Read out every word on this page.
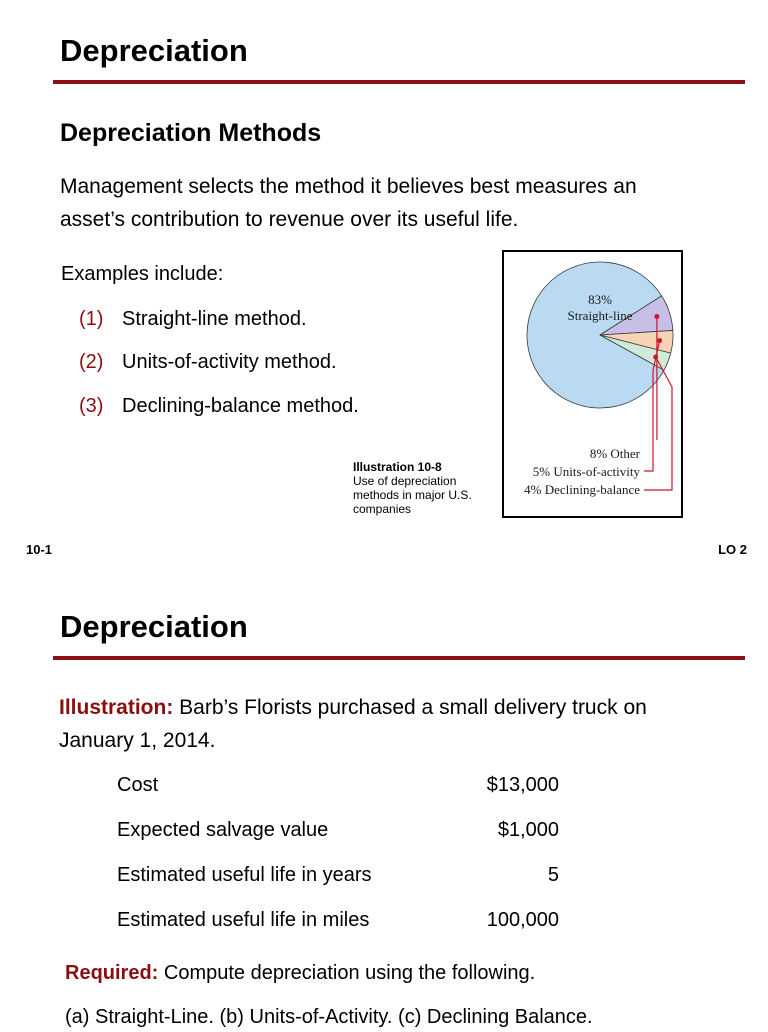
Depreciation
Depreciation Methods
Management selects the method it believes best measures an
asset’s contribution to revenue over its useful life.
Examples include:
(1) Straight-line method.
(2) Units-of-activity method.
(3) Declining-balance method.
Illustration 10-8
Use of depreciation
methods in major U.S.
companies
83%
Straight-line
8% Other
5% Units-of-activity
4% Declining-balance
10-1	LO 2
Depreciation
Illustration: Barb’s Florists purchased a small delivery truck on
January 1, 2014.
Cost	$13,000
Expected salvage value	$1,000
Estimated useful life in years	5
Estimated useful life in miles	100,000
Required: Compute depreciation using the following.
(a) Straight-Line. (b) Units-of-Activity. (c) Declining Balance.
